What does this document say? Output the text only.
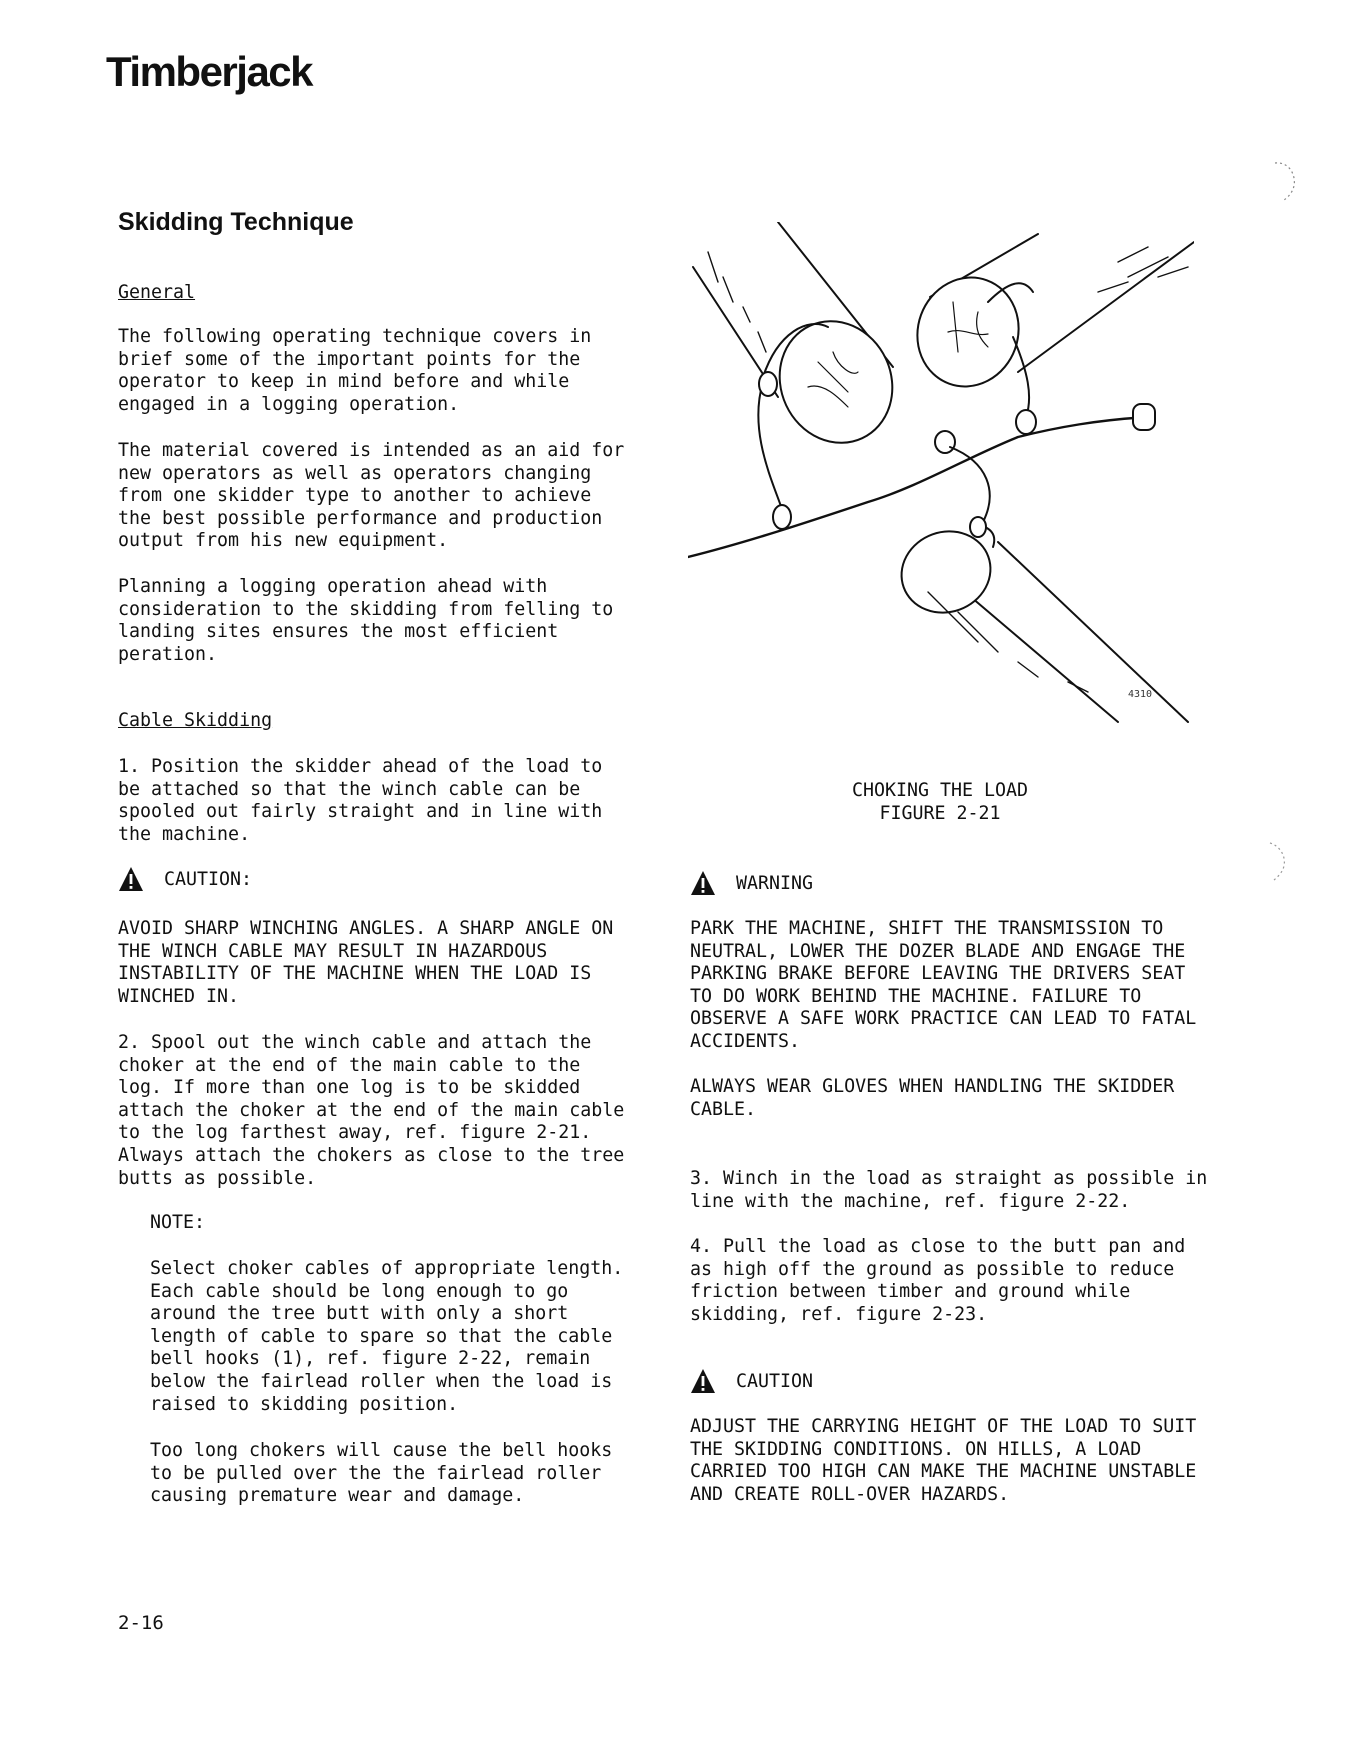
Timberjack
Skidding Technique
General

The following operating technique covers in brief some of the important points for the operator to keep in mind before and while engaged in a logging operation.

The material covered is intended as an aid for new operators as well as operators changing from one skidder type to another to achieve the best possible performance and production output from his new equipment.

Planning a logging operation ahead with consideration to the skidding from felling to landing sites ensures the most efficient peration.

Cable Skidding

1. Position the skidder ahead of the load to be attached so that the winch cable can be spooled out fairly straight and in line with the machine.

CAUTION:

AVOID SHARP WINCHING ANGLES. A SHARP ANGLE ON THE WINCH CABLE MAY RESULT IN HAZARDOUS INSTABILITY OF THE MACHINE WHEN THE LOAD IS WINCHED IN.

2. Spool out the winch cable and attach the choker at the end of the main cable to the log. If more than one log is to be skidded attach the choker at the end of the main cable to the log farthest away, ref. figure 2-21. Always attach the chokers as close to the tree butts as possible.

NOTE:

Select choker cables of appropriate length. Each cable should be long enough to go around the tree butt with only a short length of cable to spare so that the cable bell hooks (1), ref. figure 2-22, remain below the fairlead roller when the load is raised to skidding position.

Too long chokers will cause the bell hooks to be pulled over the the fairlead roller causing premature wear and damage.

4310
CHOKING THE LOAD
FIGURE 2-21
WARNING

PARK THE MACHINE, SHIFT THE TRANSMISSION TO NEUTRAL, LOWER THE DOZER BLADE AND ENGAGE THE PARKING BRAKE BEFORE LEAVING THE DRIVERS SEAT TO DO WORK BEHIND THE MACHINE. FAILURE TO OBSERVE A SAFE WORK PRACTICE CAN LEAD TO FATAL ACCIDENTS.

ALWAYS WEAR GLOVES WHEN HANDLING THE SKIDDER CABLE.

3. Winch in the load as straight as possible in line with the machine, ref. figure 2-22.

4. Pull the load as close to the butt pan and as high off the ground as possible to reduce friction between timber and ground while skidding, ref. figure 2-23.

CAUTION

ADJUST THE CARRYING HEIGHT OF THE LOAD TO SUIT THE SKIDDING CONDITIONS. ON HILLS, A LOAD CARRIED TOO HIGH CAN MAKE THE MACHINE UNSTABLE AND CREATE ROLL-OVER HAZARDS.

2-16
